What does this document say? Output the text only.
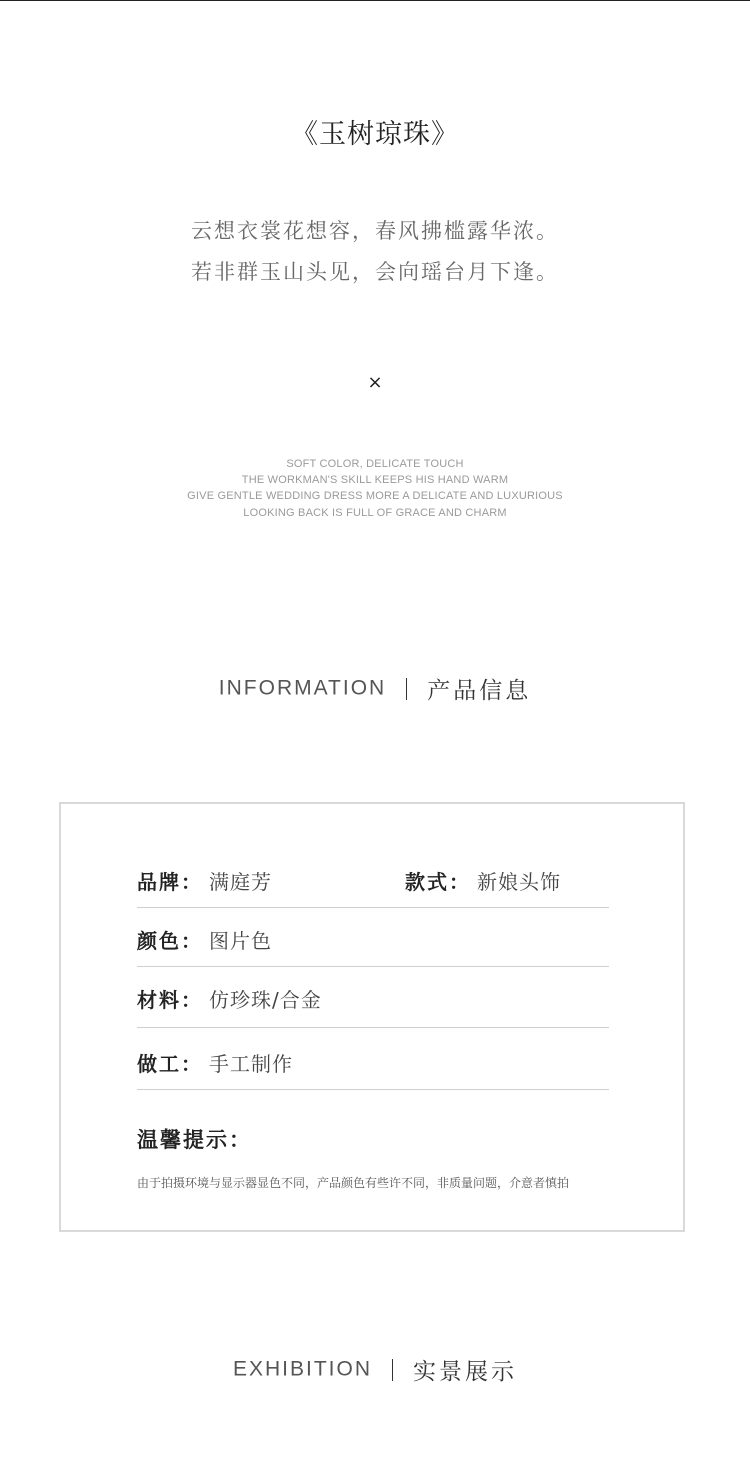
《玉树琼珠》
云想衣裳花想容，春风拂槛露华浓。
若非群玉山头见，会向瑶台月下逢。
×
SOFT COLOR, DELICATE TOUCH
THE WORKMAN'S SKILL KEEPS HIS HAND WARM
GIVE GENTLE WEDDING DRESS MORE A DELICATE AND LUXURIOUS
LOOKING BACK IS FULL OF GRACE AND CHARM
INFORMATION 产品信息
品牌： 满庭芳	款式： 新娘头饰
颜色： 图片色
材料： 仿珍珠/合金
做工： 手工制作
温馨提示：
由于拍摄环境与显示器显色不同，产品颜色有些许不同，非质量问题，介意者慎拍
EXHIBITION 实景展示
